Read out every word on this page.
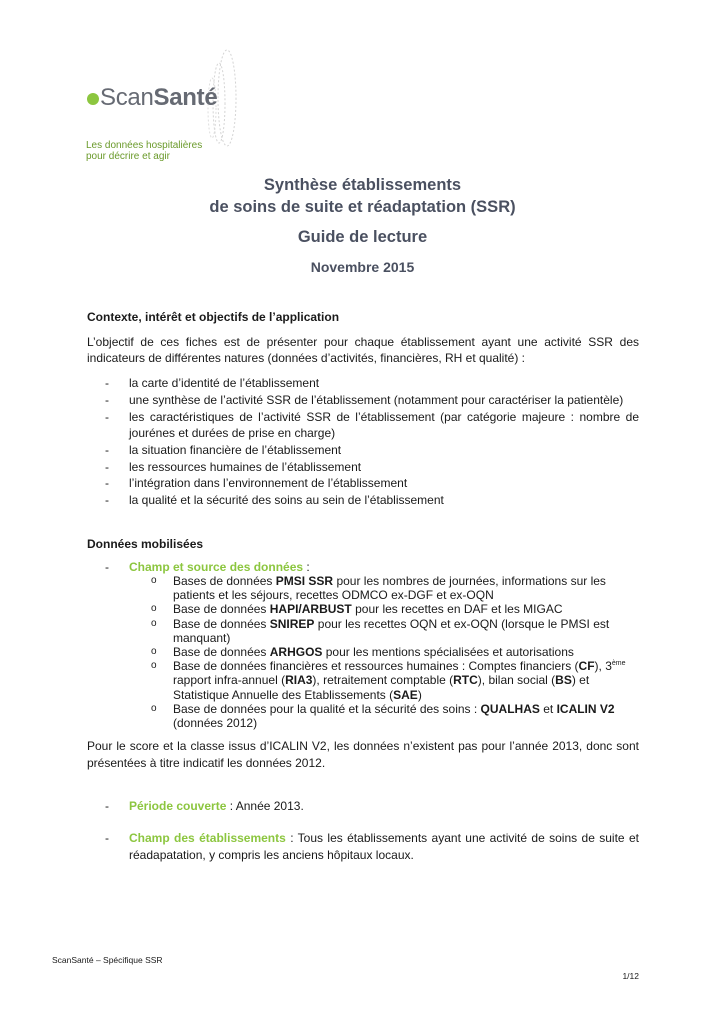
ScanSanté
Les données hospitalières
pour décrire et agir
Synthèse établissements
de soins de suite et réadaptation (SSR)
Guide de lecture
Novembre 2015
Contexte, intérêt et objectifs de l’application
L’objectif de ces fiches est de présenter pour chaque établissement ayant une activité SSR des indicateurs de différentes natures (données d’activités, financières, RH et qualité) :
- la carte d’identité de l’établissement
- une synthèse de l’activité SSR de l’établissement (notamment pour caractériser la patientèle)
- les caractéristiques de l’activité SSR de l’établissement (par catégorie majeure : nombre de jourénes et durées de prise en charge)
- la situation financière de l’établissement
- les ressources humaines de l’établissement
- l’intégration dans l’environnement de l’établissement
- la qualité et la sécurité des soins au sein de l’établissement
Données mobilisées
- Champ et source des données :
o Bases de données PMSI SSR pour les nombres de journées, informations sur les patients et les séjours, recettes ODMCO ex-DGF et ex-OQN
o Base de données HAPI/ARBUST pour les recettes en DAF et les MIGAC
o Base de données SNIREP pour les recettes OQN et ex-OQN (lorsque le PMSI est manquant)
o Base de données ARHGOS pour les mentions spécialisées et autorisations
o Base de données financières et ressources humaines : Comptes financiers (CF), 3ème rapport infra-annuel (RIA3), retraitement comptable (RTC), bilan social (BS) et Statistique Annuelle des Etablissements (SAE)
o Base de données pour la qualité et la sécurité des soins : QUALHAS et ICALIN V2 (données 2012)
Pour le score et la classe issus d’ICALIN V2, les données n’existent pas pour l’année 2013, donc sont présentées à titre indicatif les données 2012.
- Période couverte : Année 2013.
- Champ des établissements : Tous les établissements ayant une activité de soins de suite et réadapatation, y compris les anciens hôpitaux locaux.
ScanSanté – Spécifique SSR
1/12
